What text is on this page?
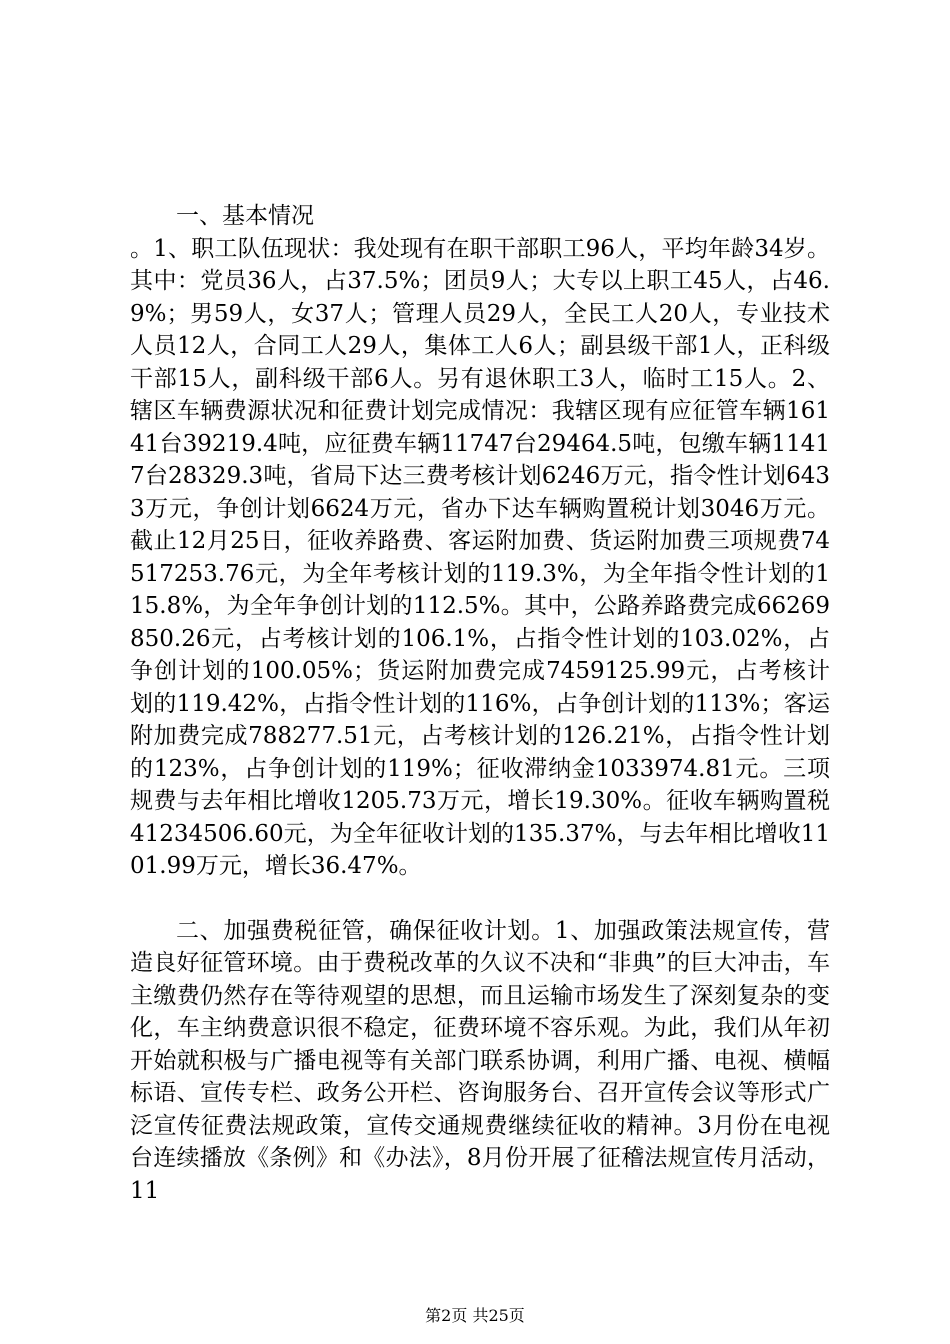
一、基本情况

。1、职工队伍现状：我处现有在职干部职工96人，平均年龄34岁。其中：党员36人，占37.5%；团员9人；大专以上职工45人，占46.9%；男59人，女37人；管理人员29人，全民工人20人，专业技术人员12人，合同工人29人，集体工人6人；副县级干部1人，正科级干部15人，副科级干部6人。另有退休职工3人，临时工15人。2、辖区车辆费源状况和征费计划完成情况：我辖区现有应征管车辆16141台39219.4吨，应征费车辆11747台29464.5吨，包缴车辆11417台28329.3吨，省局下达三费考核计划6246万元，指令性计划6433万元，争创计划6624万元，省办下达车辆购置税计划3046万元。截止12月25日，征收养路费、客运附加费、货运附加费三项规费74517253.76元，为全年考核计划的119.3%，为全年指令性计划的115.8%，为全年争创计划的112.5%。其中，公路养路费完成66269850.26元，占考核计划的106.1%，占指令性计划的103.02%，占争创计划的100.05%；货运附加费完成7459125.99元，占考核计划的119.42%，占指令性计划的116%，占争创计划的113%；客运附加费完成788277.51元，占考核计划的126.21%，占指令性计划的123%，占争创计划的119%；征收滞纳金1033974.81元。三项规费与去年相比增收1205.73万元，增长19.30%。征收车辆购置税41234506.60元，为全年征收计划的135.37%，与去年相比增收1101.99万元，增长36.47%。

二、加强费税征管，确保征收计划。1、加强政策法规宣传，营造良好征管环境。由于费税改革的久议不决和“非典”的巨大冲击，车主缴费仍然存在等待观望的思想，而且运输市场发生了深刻复杂的变化，车主纳费意识很不稳定，征费环境不容乐观。为此，我们从年初开始就积极与广播电视等有关部门联系协调，利用广播、电视、横幅标语、宣传专栏、政务公开栏、咨询服务台、召开宣传会议等形式广泛宣传征费法规政策，宣传交通规费继续征收的精神。3月份在电视台连续播放《条例》和《办法》，8月份开展了征稽法规宣传月活动，11

第2页 共25页
